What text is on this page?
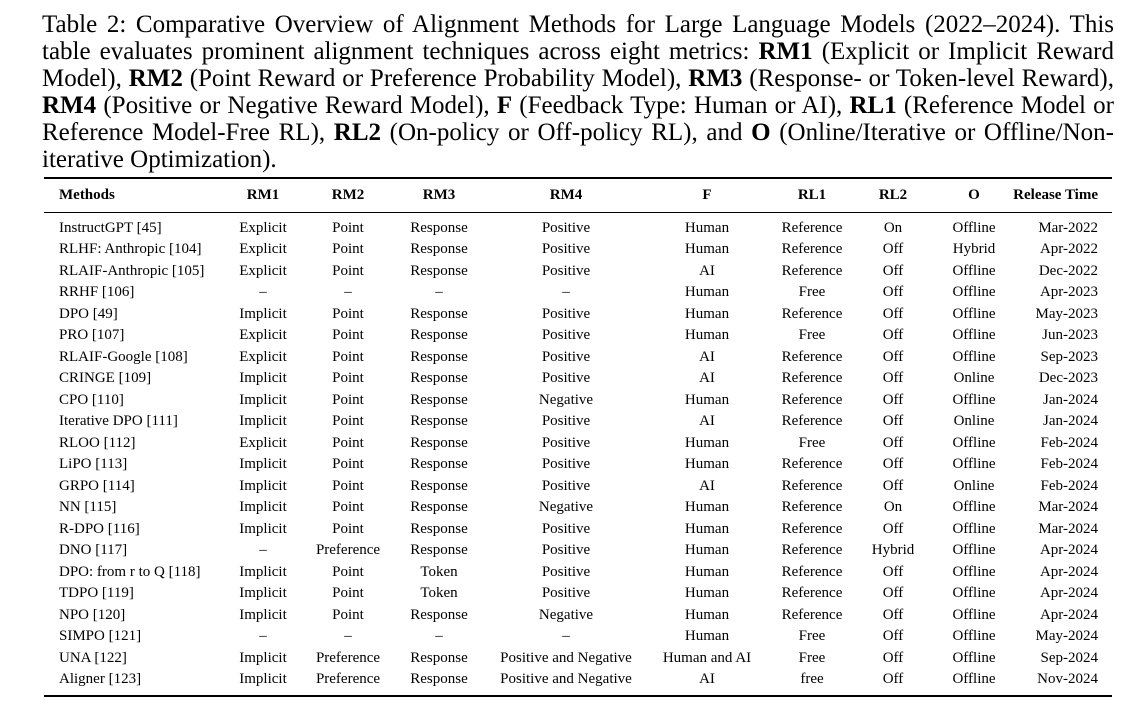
Table 2: Comparative Overview of Alignment Methods for Large Language Models (2022–2024). This table evaluates prominent alignment techniques across eight metrics: RM1 (Explicit or Implicit Reward Model), RM2 (Point Reward or Preference Probability Model), RM3 (Response- or Token-level Reward), RM4 (Positive or Negative Reward Model), F (Feedback Type: Human or AI), RL1 (Reference Model or Reference Model-Free RL), RL2 (On-policy or Off-policy RL), and O (Online/Iterative or Offline/Non-iterative Optimization).
Methods	RM1	RM2	RM3	RM4	F	RL1	RL2	O	Release Time
InstructGPT [45]	Explicit	Point	Response	Positive	Human	Reference	On	Offline	Mar-2022
RLHF: Anthropic [104]	Explicit	Point	Response	Positive	Human	Reference	Off	Hybrid	Apr-2022
RLAIF-Anthropic [105]	Explicit	Point	Response	Positive	AI	Reference	Off	Offline	Dec-2022
RRHF [106]	–	–	–	–	Human	Free	Off	Offline	Apr-2023
DPO [49]	Implicit	Point	Response	Positive	Human	Reference	Off	Offline	May-2023
PRO [107]	Explicit	Point	Response	Positive	Human	Free	Off	Offline	Jun-2023
RLAIF-Google [108]	Explicit	Point	Response	Positive	AI	Reference	Off	Offline	Sep-2023
CRINGE [109]	Implicit	Point	Response	Positive	AI	Reference	Off	Online	Dec-2023
CPO [110]	Implicit	Point	Response	Negative	Human	Reference	Off	Offline	Jan-2024
Iterative DPO [111]	Implicit	Point	Response	Positive	AI	Reference	Off	Online	Jan-2024
RLOO [112]	Explicit	Point	Response	Positive	Human	Free	Off	Offline	Feb-2024
LiPO [113]	Implicit	Point	Response	Positive	Human	Reference	Off	Offline	Feb-2024
GRPO [114]	Implicit	Point	Response	Positive	AI	Reference	Off	Online	Feb-2024
NN [115]	Implicit	Point	Response	Negative	Human	Reference	On	Offline	Mar-2024
R-DPO [116]	Implicit	Point	Response	Positive	Human	Reference	Off	Offline	Mar-2024
DNO [117]	–	Preference	Response	Positive	Human	Reference	Hybrid	Offline	Apr-2024
DPO: from r to Q [118]	Implicit	Point	Token	Positive	Human	Reference	Off	Offline	Apr-2024
TDPO [119]	Implicit	Point	Token	Positive	Human	Reference	Off	Offline	Apr-2024
NPO [120]	Implicit	Point	Response	Negative	Human	Reference	Off	Offline	Apr-2024
SIMPO [121]	–	–	–	–	Human	Free	Off	Offline	May-2024
UNA [122]	Implicit	Preference	Response	Positive and Negative	Human and AI	Free	Off	Offline	Sep-2024
Aligner [123]	Implicit	Preference	Response	Positive and Negative	AI	free	Off	Offline	Nov-2024
